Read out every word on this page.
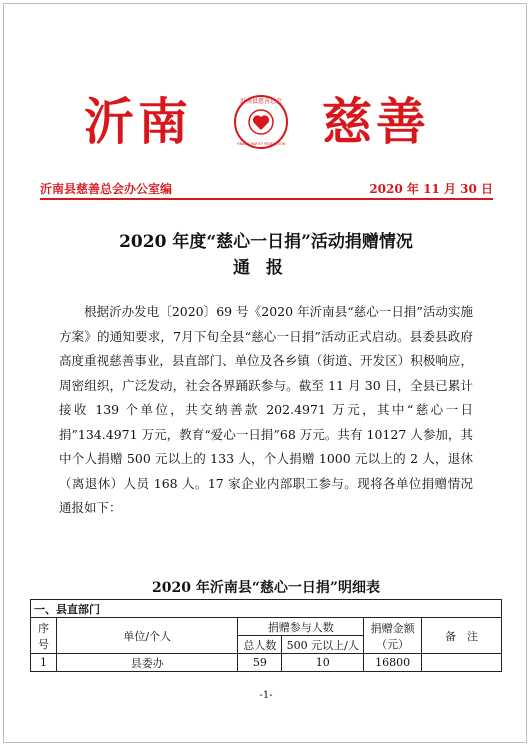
沂南	沂南县慈善总会
YINAN CHARITY FEDERATION 慈善
沂南县慈善总会办公室编	2020 年 11 月 30 日
2020 年度“慈心一日捐”活动捐赠情况
通报

根据沂办发电〔2020〕69 号《2020 年沂南县“慈心一日捐”活动实施方案》的通知要求，7月下旬全县“慈心一日捐”活动正式启动。县委县政府高度重视慈善事业，县直部门、单位及各乡镇（街道、开发区）积极响应，周密组织，广泛发动，社会各界踊跃参与。截至 11 月 30 日，全县已累计接收 139 个单位，共交纳善款 202.4971 万元，其中“慈心一日捐”134.4971 万元，教育“爱心一日捐”68 万元。共有 10127 人参加，其中个人捐赠 500 元以上的 133 人，个人捐赠 1000 元以上的 2 人，退休（离退休）人员 168 人。17 家企业内部职工参与。现将各单位捐赠情况通报如下：

2020 年沂南县“慈心一日捐”明细表
一、县直部门					
序号	单位/个人	捐赠参与人数		捐赠金额（元）	备　注
		总人数	500 元以上/人		
1	县委办	59	10	16800	
-1-
